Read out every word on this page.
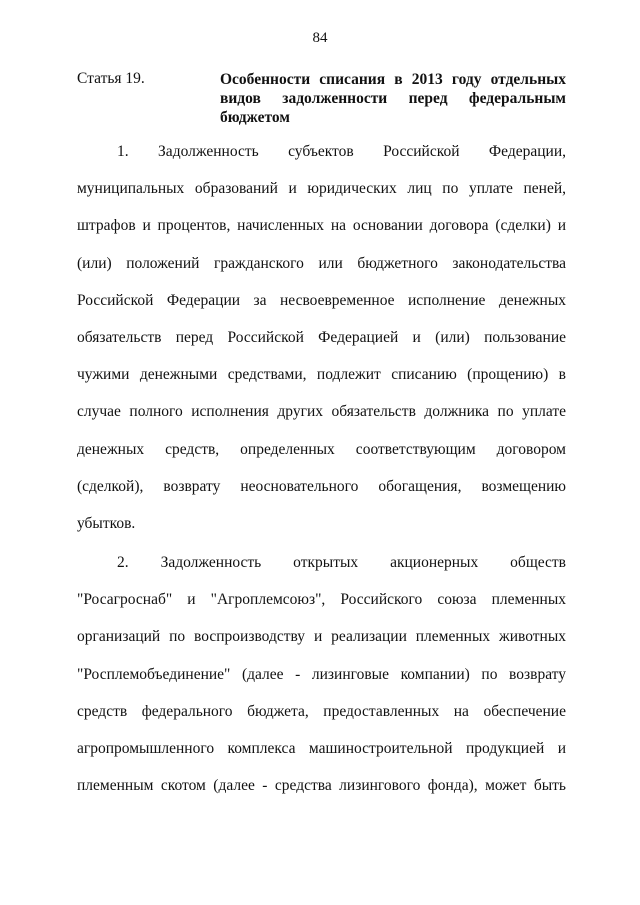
84
Статья 19.	Особенности списания в 2013 году отдельных
видов задолженности перед федеральным
бюджетом
1. Задолженность субъектов Российской Федерации,
муниципальных образований и юридических лиц по уплате пеней,
штрафов и процентов, начисленных на основании договора (сделки) и
(или) положений гражданского или бюджетного законодательства
Российской Федерации за несвоевременное исполнение денежных
обязательств перед Российской Федерацией и (или) пользование
чужими денежными средствами, подлежит списанию (прощению) в
случае полного исполнения других обязательств должника по уплате
денежных средств, определенных соответствующим договором
(сделкой), возврату неосновательного обогащения, возмещению
убытков.
2. Задолженность открытых акционерных обществ
"Росагроснаб" и "Агроплемсоюз", Российского союза племенных
организаций по воспроизводству и реализации племенных животных
"Росплемобъединение" (далее - лизинговые компании) по возврату
средств федерального бюджета, предоставленных на обеспечение
агропромышленного комплекса машиностроительной продукцией и
племенным скотом (далее - средства лизингового фонда), может быть
